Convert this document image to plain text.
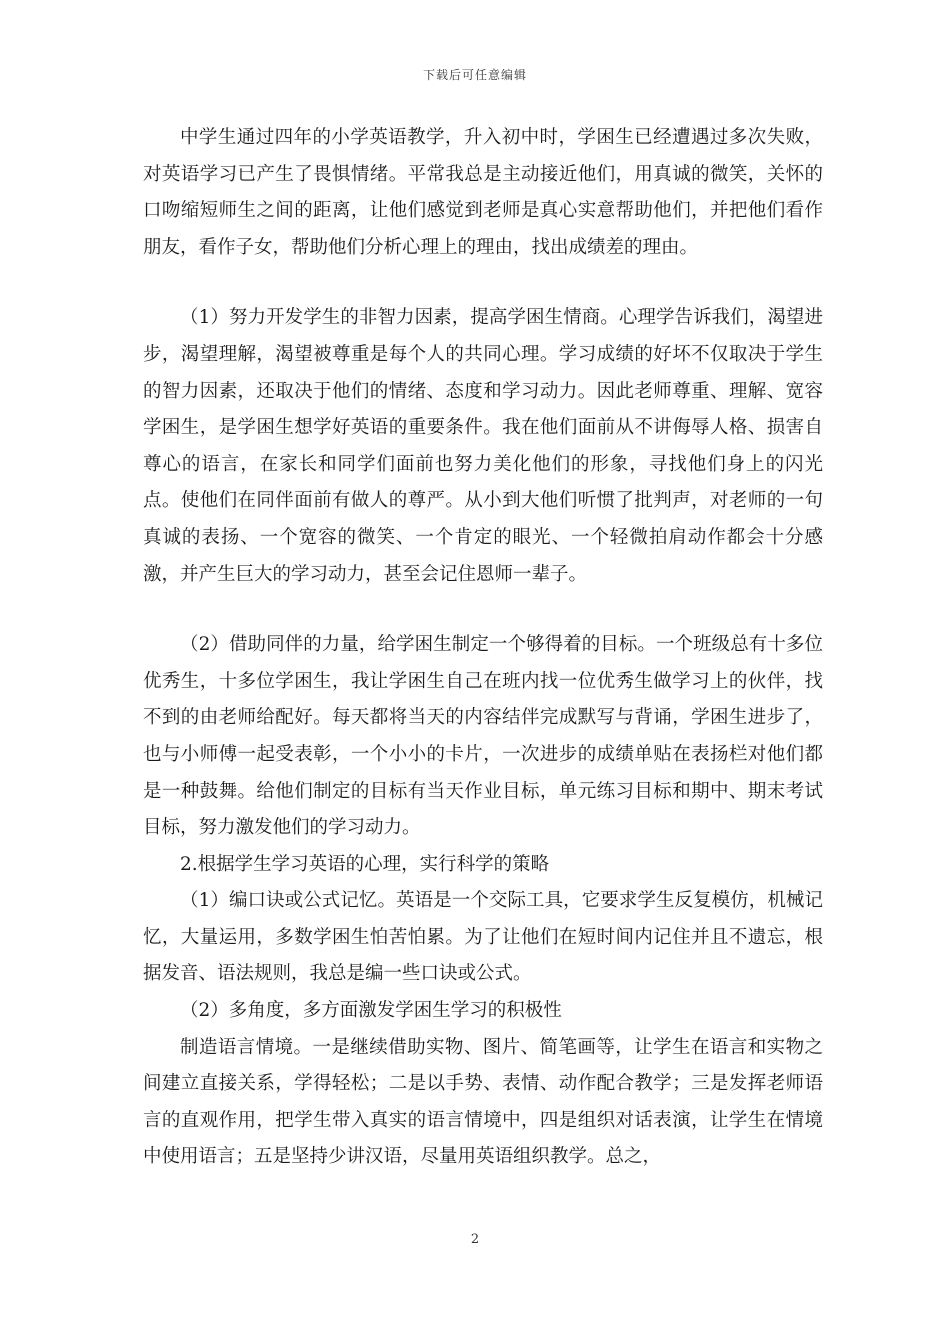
下载后可任意编辑

中学生通过四年的小学英语教学，升入初中时，学困生已经遭遇过多次失败，对英语学习已产生了畏惧情绪。平常我总是主动接近他们，用真诚的微笑，关怀的口吻缩短师生之间的距离，让他们感觉到老师是真心实意帮助他们，并把他们看作朋友，看作子女，帮助他们分析心理上的理由，找出成绩差的理由。

（1）努力开发学生的非智力因素，提高学困生情商。心理学告诉我们，渴望进步，渴望理解，渴望被尊重是每个人的共同心理。学习成绩的好坏不仅取决于学生的智力因素，还取决于他们的情绪、态度和学习动力。因此老师尊重、理解、宽容学困生，是学困生想学好英语的重要条件。我在他们面前从不讲侮辱人格、损害自尊心的语言，在家长和同学们面前也努力美化他们的形象，寻找他们身上的闪光点。使他们在同伴面前有做人的尊严。从小到大他们听惯了批判声，对老师的一句真诚的表扬、一个宽容的微笑、一个肯定的眼光、一个轻微拍肩动作都会十分感激，并产生巨大的学习动力，甚至会记住恩师一辈子。

（2）借助同伴的力量，给学困生制定一个够得着的目标。一个班级总有十多位优秀生，十多位学困生，我让学困生自己在班内找一位优秀生做学习上的伙伴，找不到的由老师给配好。每天都将当天的内容结伴完成默写与背诵，学困生进步了，也与小师傅一起受表彰，一个小小的卡片，一次进步的成绩单贴在表扬栏对他们都是一种鼓舞。给他们制定的目标有当天作业目标，单元练习目标和期中、期末考试目标，努力激发他们的学习动力。

2.根据学生学习英语的心理，实行科学的策略

（1）编口诀或公式记忆。英语是一个交际工具，它要求学生反复模仿，机械记忆，大量运用，多数学困生怕苦怕累。为了让他们在短时间内记住并且不遗忘，根据发音、语法规则，我总是编一些口诀或公式。

（2）多角度，多方面激发学困生学习的积极性

制造语言情境。一是继续借助实物、图片、简笔画等，让学生在语言和实物之间建立直接关系，学得轻松；二是以手势、表情、动作配合教学；三是发挥老师语言的直观作用，把学生带入真实的语言情境中，四是组织对话表演，让学生在情境中使用语言；五是坚持少讲汉语，尽量用英语组织教学。总之，

2
